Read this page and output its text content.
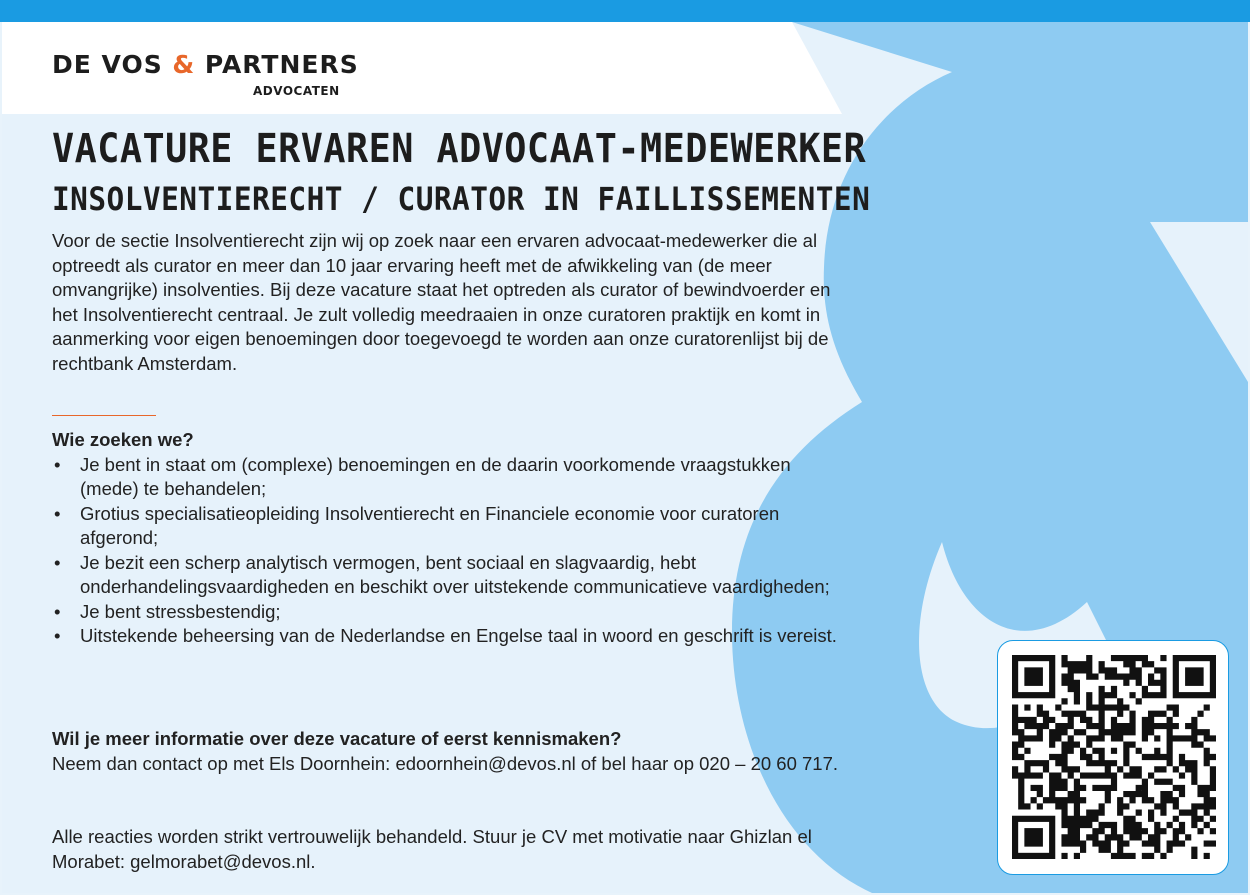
DE VOS & PARTNERS
ADVOCATEN
VACATURE ERVAREN ADVOCAAT-MEDEWERKER
INSOLVENTIERECHT / CURATOR IN FAILLISSEMENTEN
Voor de sectie Insolventierecht zijn wij op zoek naar een ervaren advocaat-medewerker die al optreedt als curator en meer dan 10 jaar ervaring heeft met de afwikkeling van (de meer omvangrijke) insolventies. Bij deze vacature staat het optreden als curator of bewindvoerder en het Insolventierecht centraal. Je zult volledig meedraaien in onze curatoren praktijk en komt in aanmerking voor eigen benoemingen door toegevoegd te worden aan onze curatorenlijst bij de rechtbank Amsterdam.
Wie zoeken we?
• Je bent in staat om (complexe) benoemingen en de daarin voorkomende vraagstukken (mede) te behandelen;
• Grotius specialisatieopleiding Insolventierecht en Financiele economie voor curatoren afgerond;
• Je bezit een scherp analytisch vermogen, bent sociaal en slagvaardig, hebt onderhandelingsvaardigheden en beschikt over uitstekende communicatieve vaardigheden;
• Je bent stressbestendig;
• Uitstekende beheersing van de Nederlandse en Engelse taal in woord en geschrift is vereist.
Wil je meer informatie over deze vacature of eerst kennismaken?
Neem dan contact op met Els Doornhein: edoornhein@devos.nl of bel haar op 020 – 20 60 717.
Alle reacties worden strikt vertrouwelijk behandeld. Stuur je CV met motivatie naar Ghizlan el Morabet: gelmorabet@devos.nl.
